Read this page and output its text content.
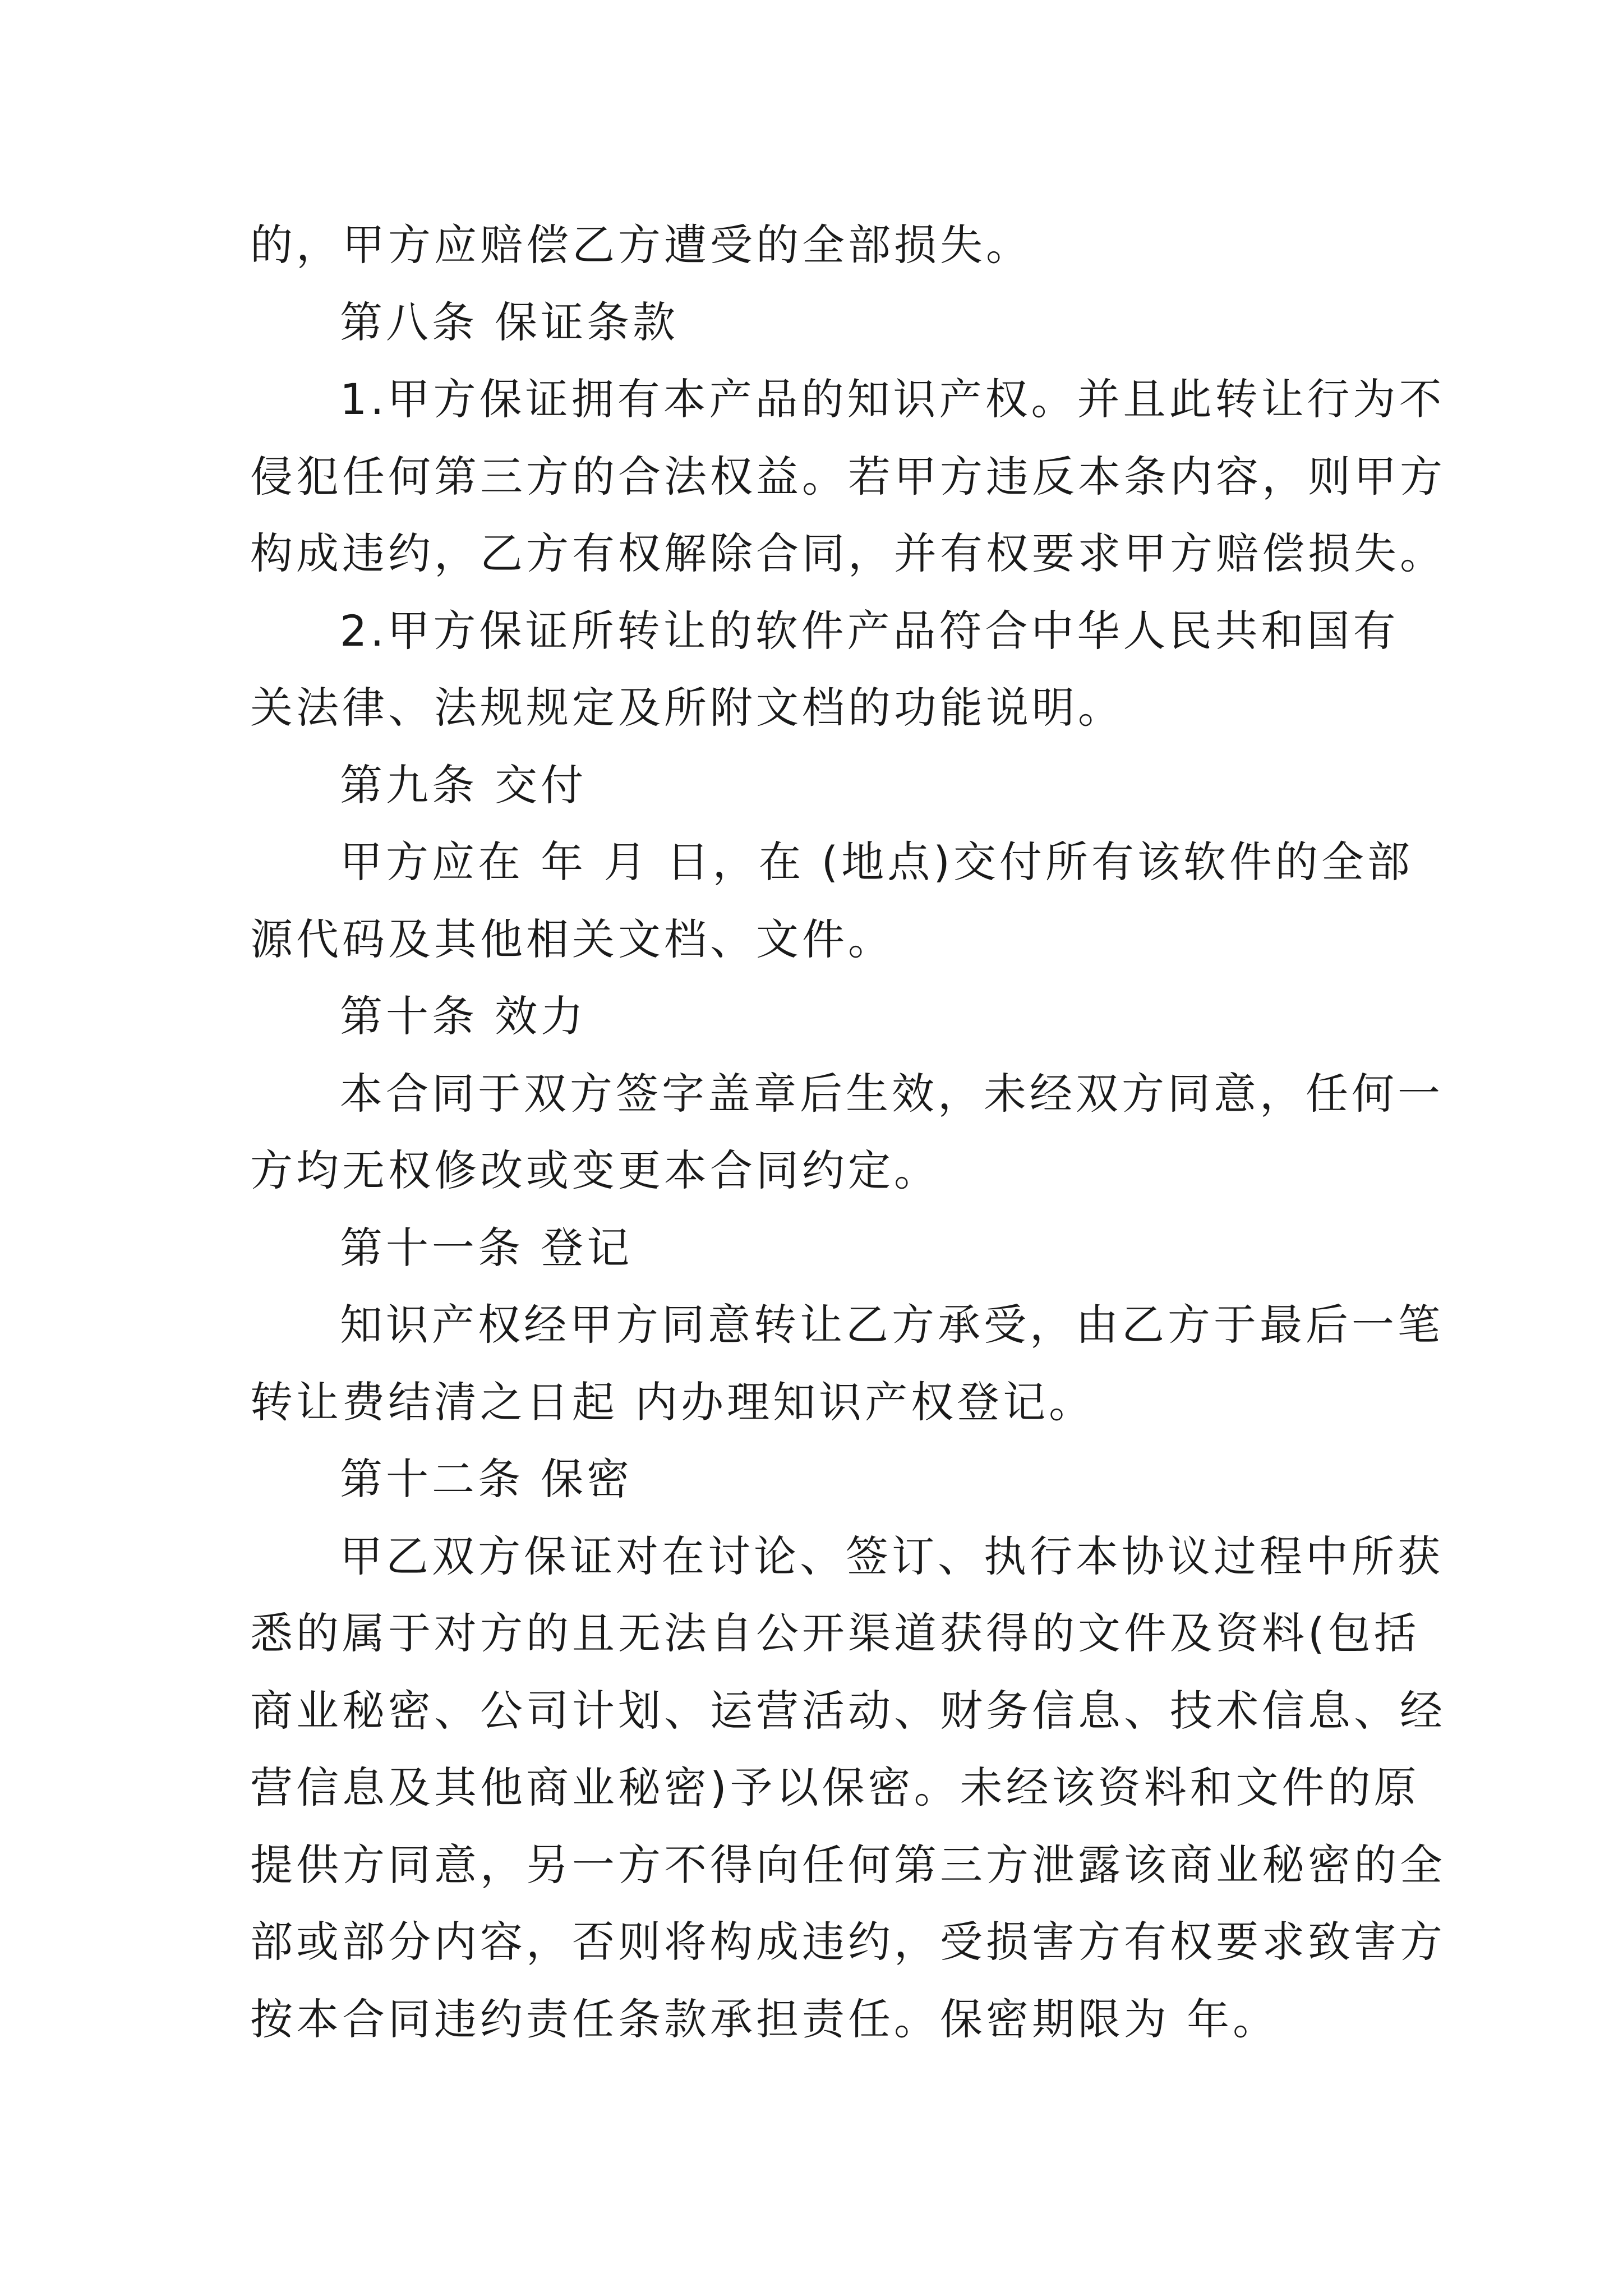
的，甲方应赔偿乙方遭受的全部损失。
第八条 保证条款
1.甲方保证拥有本产品的知识产权。并且此转让行为不
侵犯任何第三方的合法权益。若甲方违反本条内容，则甲方
构成违约，乙方有权解除合同，并有权要求甲方赔偿损失。
2.甲方保证所转让的软件产品符合中华人民共和国有
关法律、法规规定及所附文档的功能说明。
第九条 交付
甲方应在 年 月 日，在 (地点)交付所有该软件的全部
源代码及其他相关文档、文件。
第十条 效力
本合同于双方签字盖章后生效，未经双方同意，任何一
方均无权修改或变更本合同约定。
第十一条 登记
知识产权经甲方同意转让乙方承受，由乙方于最后一笔
转让费结清之日起 内办理知识产权登记。
第十二条 保密
甲乙双方保证对在讨论、签订、执行本协议过程中所获
悉的属于对方的且无法自公开渠道获得的文件及资料(包括
商业秘密、公司计划、运营活动、财务信息、技术信息、经
营信息及其他商业秘密)予以保密。未经该资料和文件的原
提供方同意，另一方不得向任何第三方泄露该商业秘密的全
部或部分内容，否则将构成违约，受损害方有权要求致害方
按本合同违约责任条款承担责任。保密期限为 年。
